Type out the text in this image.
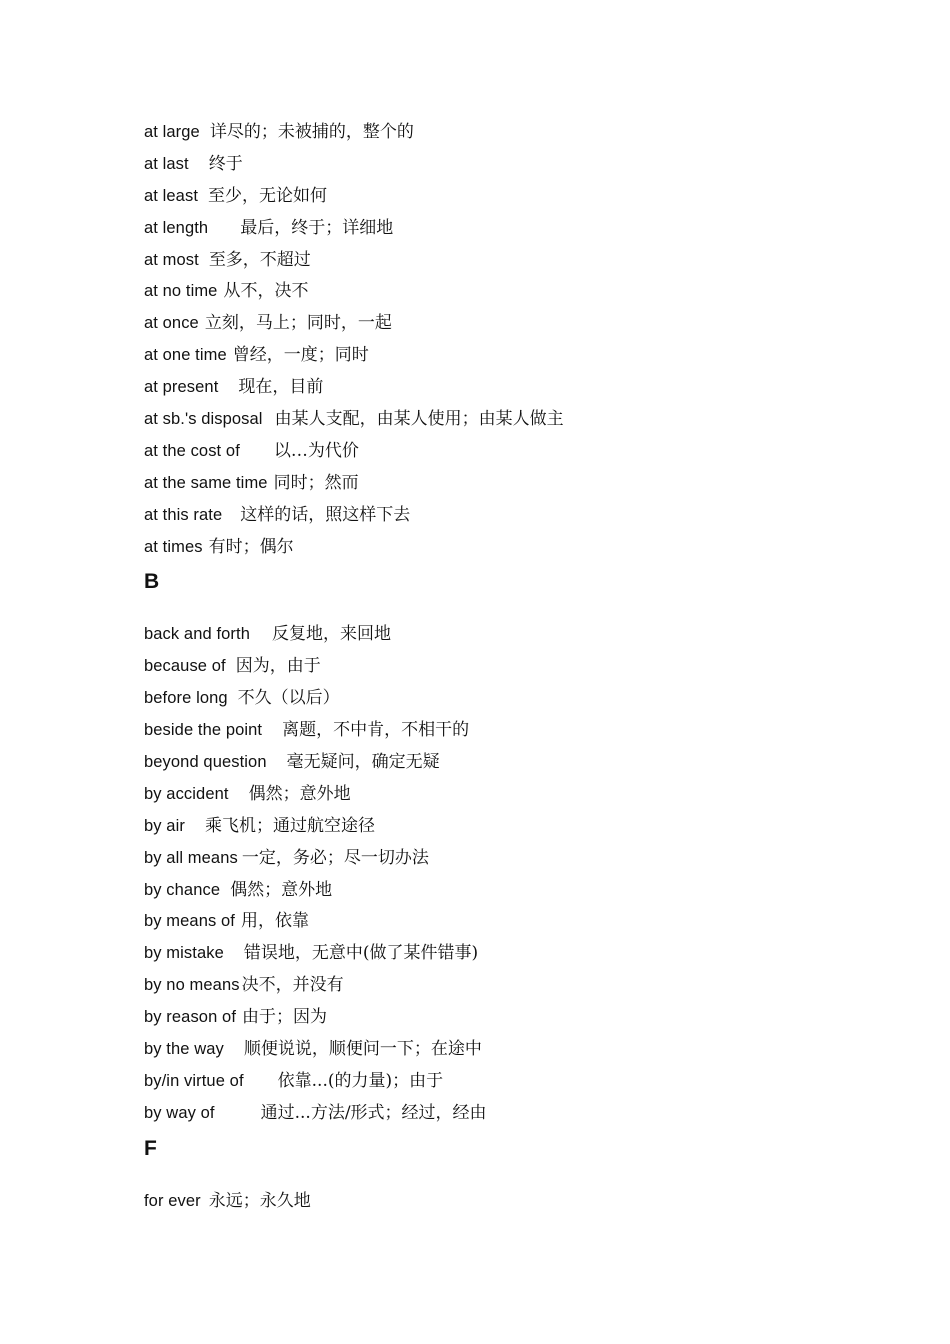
at large 详尽的；未被捕的，整个的
at last 终于
at least 至少，无论如何
at length 最后，终于；详细地
at most 至多，不超过
at no time 从不，决不
at once 立刻，马上；同时，一起
at one time 曾经，一度；同时
at present 现在，目前
at sb.'s disposal 由某人支配，由某人使用；由某人做主
at the cost of 以…为代价
at the same time 同时；然而
at this rate 这样的话，照这样下去
at times 有时；偶尔
B
back and forth 反复地，来回地
because of 因为，由于
before long 不久（以后）
beside the point 离题，不中肯，不相干的
beyond question 毫无疑问，确定无疑
by accident 偶然；意外地
by air 乘飞机；通过航空途径
by all means 一定，务必；尽一切办法
by chance 偶然；意外地
by means of 用，依靠
by mistake 错误地，无意中(做了某件错事)
by no means 决不，并没有
by reason of 由于；因为
by the way 顺便说说，顺便问一下；在途中
by/in virtue of 依靠...(的力量)；由于
by way of	通过...方法/形式；经过，经由
F
for ever 永远；永久地
